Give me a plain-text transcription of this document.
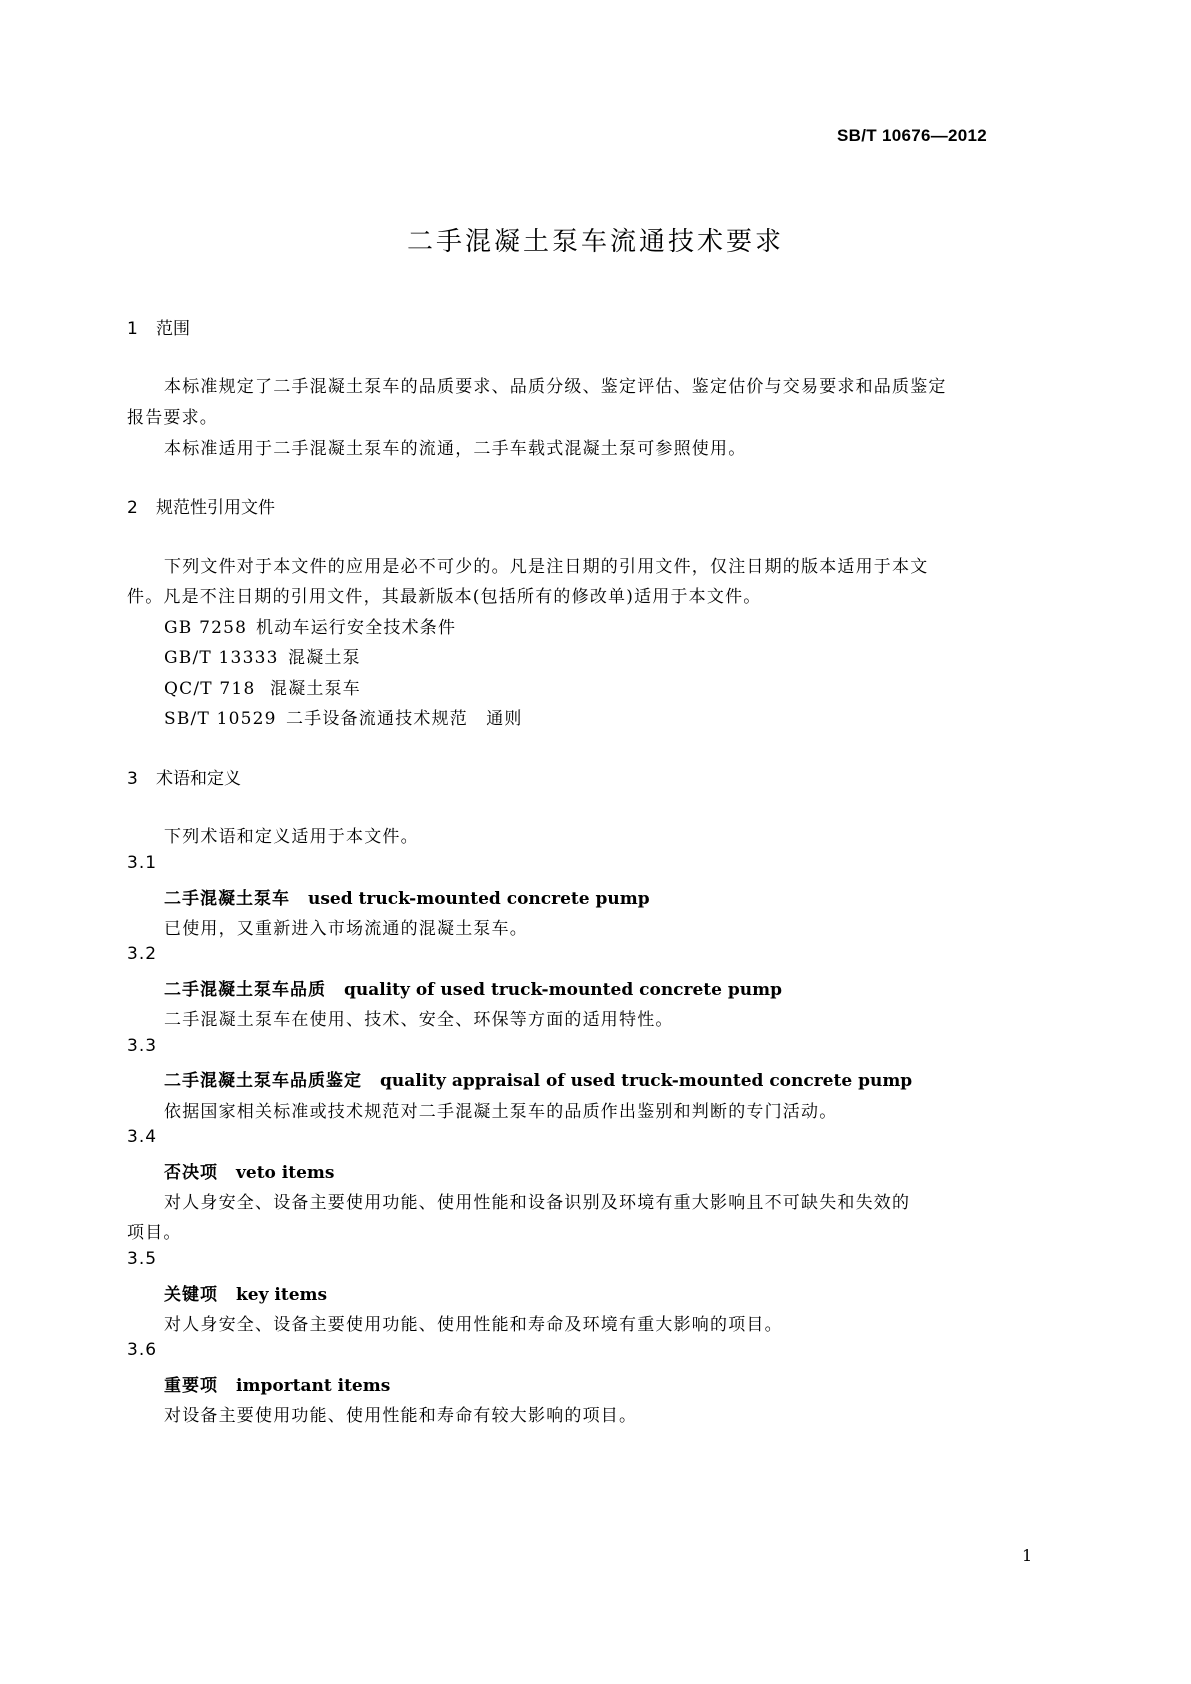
SB/T 10676—2012
二手混凝土泵车流通技术要求
1 范围
本标准规定了二手混凝土泵车的品质要求、品质分级、鉴定评估、鉴定估价与交易要求和品质鉴定
报告要求。
本标准适用于二手混凝土泵车的流通，二手车载式混凝土泵可参照使用。
2 规范性引用文件
下列文件对于本文件的应用是必不可少的。凡是注日期的引用文件，仅注日期的版本适用于本文
件。凡是不注日期的引用文件，其最新版本(包括所有的修改单)适用于本文件。
GB 7258 机动车运行安全技术条件
GB/T 13333 混凝土泵
QC/T 718 混凝土泵车
SB/T 10529 二手设备流通技术规范　通则
3 术语和定义
下列术语和定义适用于本文件。
3.1
二手混凝土泵车 used truck-mounted concrete pump
已使用，又重新进入市场流通的混凝土泵车。
3.2
二手混凝土泵车品质 quality of used truck-mounted concrete pump
二手混凝土泵车在使用、技术、安全、环保等方面的适用特性。
3.3
二手混凝土泵车品质鉴定 quality appraisal of used truck-mounted concrete pump
依据国家相关标准或技术规范对二手混凝土泵车的品质作出鉴别和判断的专门活动。
3.4
否决项 veto items
对人身安全、设备主要使用功能、使用性能和设备识别及环境有重大影响且不可缺失和失效的
项目。
3.5
关键项 key items
对人身安全、设备主要使用功能、使用性能和寿命及环境有重大影响的项目。
3.6
重要项 important items
对设备主要使用功能、使用性能和寿命有较大影响的项目。
1
